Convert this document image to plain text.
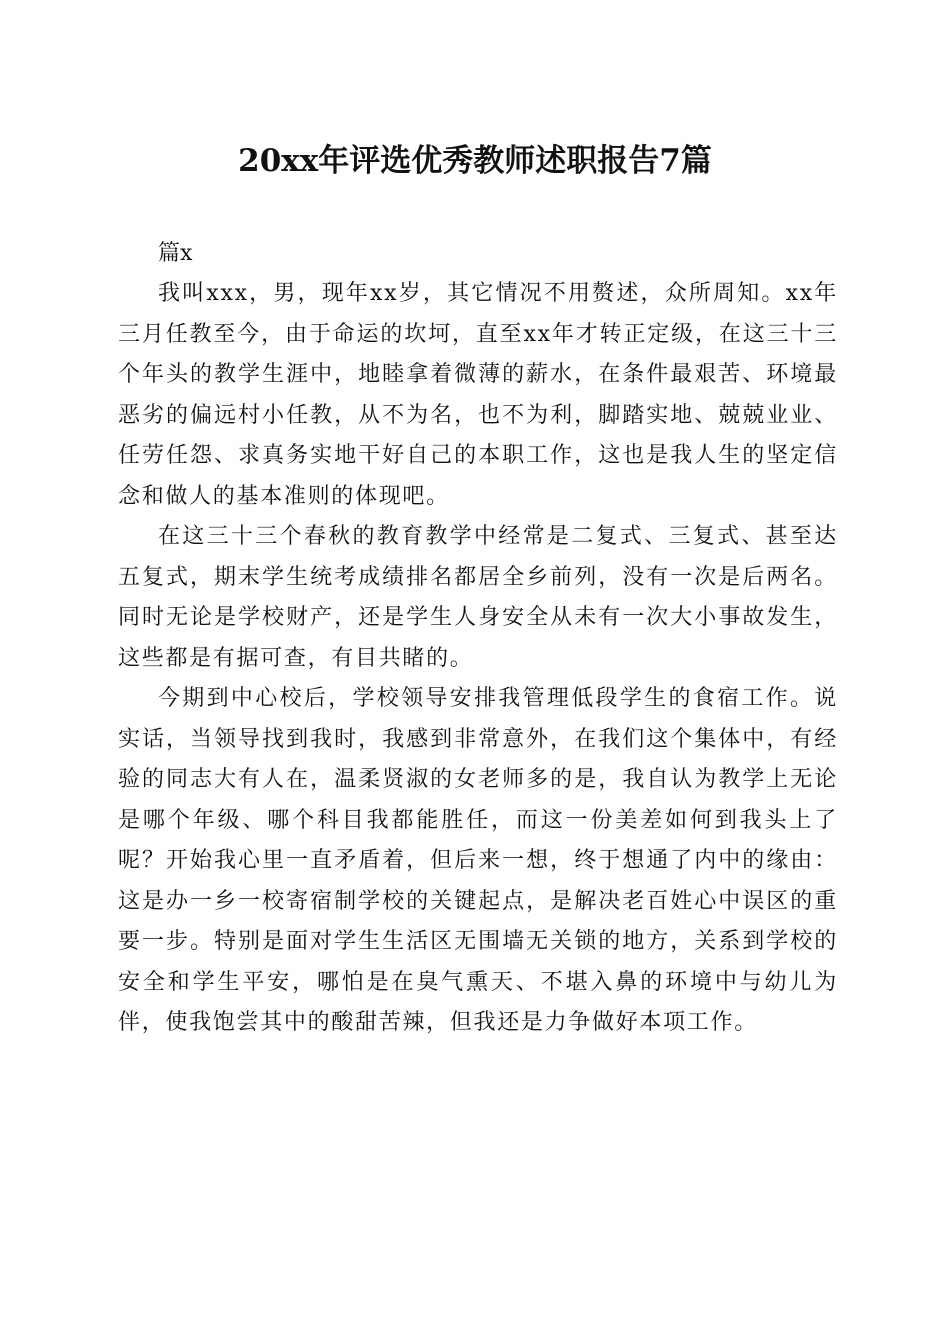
20xx年评选优秀教师述职报告7篇

篇x

我叫xxx，男，现年xx岁，其它情况不用赘述，众所周知。xx年三月任教至今，由于命运的坎坷，直至xx年才转正定级，在这三十三个年头的教学生涯中，地睦拿着微薄的薪水，在条件最艰苦、环境最恶劣的偏远村小任教，从不为名，也不为利，脚踏实地、兢兢业业、任劳任怨、求真务实地干好自己的本职工作，这也是我人生的坚定信念和做人的基本准则的体现吧。

在这三十三个春秋的教育教学中经常是二复式、三复式、甚至达五复式，期末学生统考成绩排名都居全乡前列，没有一次是后两名。同时无论是学校财产，还是学生人身安全从未有一次大小事故发生，这些都是有据可查，有目共睹的。

今期到中心校后，学校领导安排我管理低段学生的食宿工作。说实话，当领导找到我时，我感到非常意外，在我们这个集体中，有经验的同志大有人在，温柔贤淑的女老师多的是，我自认为教学上无论是哪个年级、哪个科目我都能胜任，而这一份美差如何到我头上了呢？开始我心里一直矛盾着，但后来一想，终于想通了内中的缘由：这是办一乡一校寄宿制学校的关键起点，是解决老百姓心中误区的重要一步。特别是面对学生生活区无围墙无关锁的地方，关系到学校的安全和学生平安，哪怕是在臭气熏天、不堪入鼻的环境中与幼儿为伴，使我饱尝其中的酸甜苦辣，但我还是力争做好本项工作。
